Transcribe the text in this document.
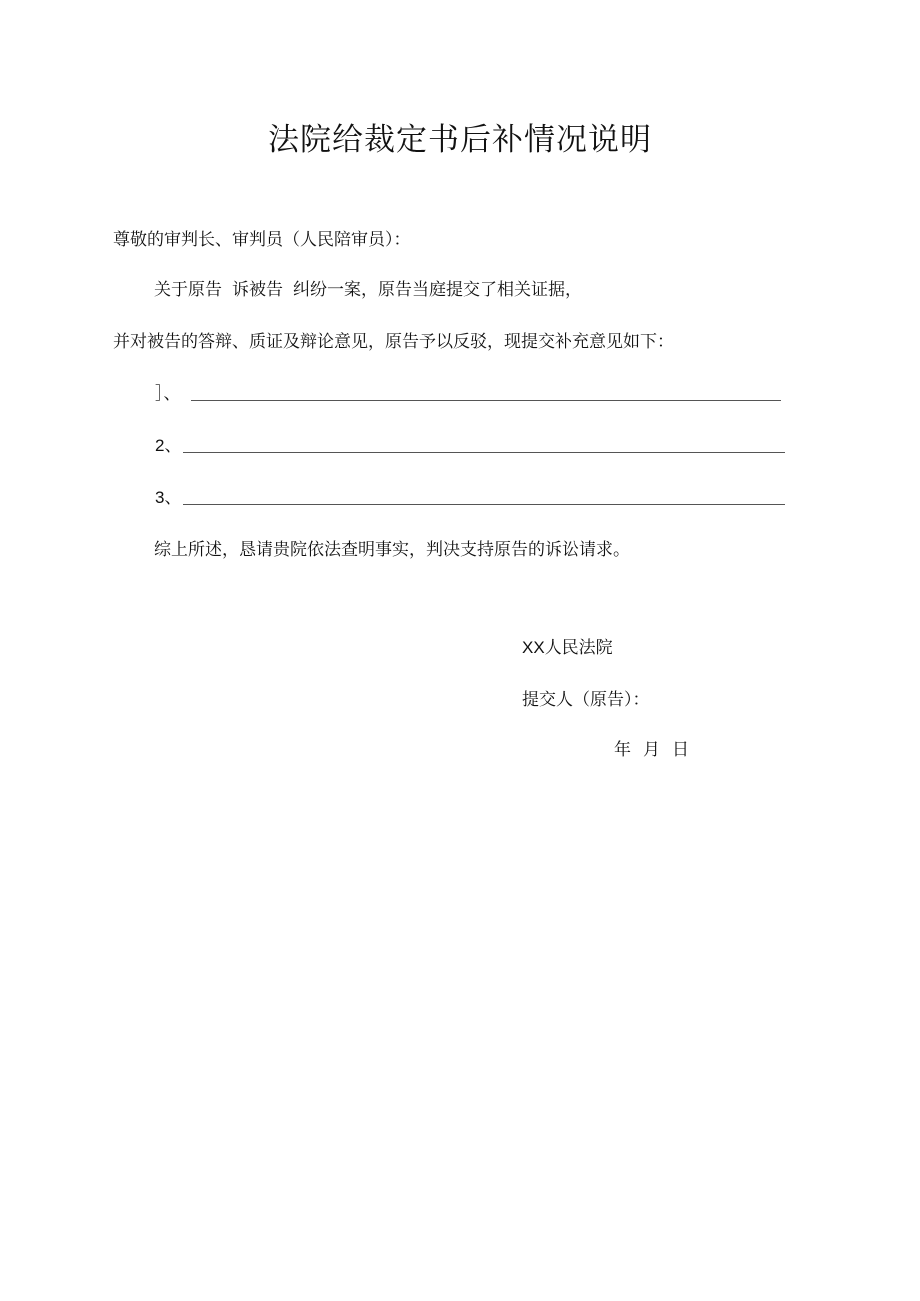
法院给裁定书后补情况说明
尊敬的审判长、审判员（人民陪审员）：
关于原告 诉被告 纠纷一案，原告当庭提交了相关证据，
并对被告的答辩、质证及辩论意见，原告予以反驳，现提交补充意见如下：
］、
2、
3、
综上所述，恳请贵院依法查明事实，判决支持原告的诉讼请求。
XX人民法院
提交人（原告）：
年 月 日
